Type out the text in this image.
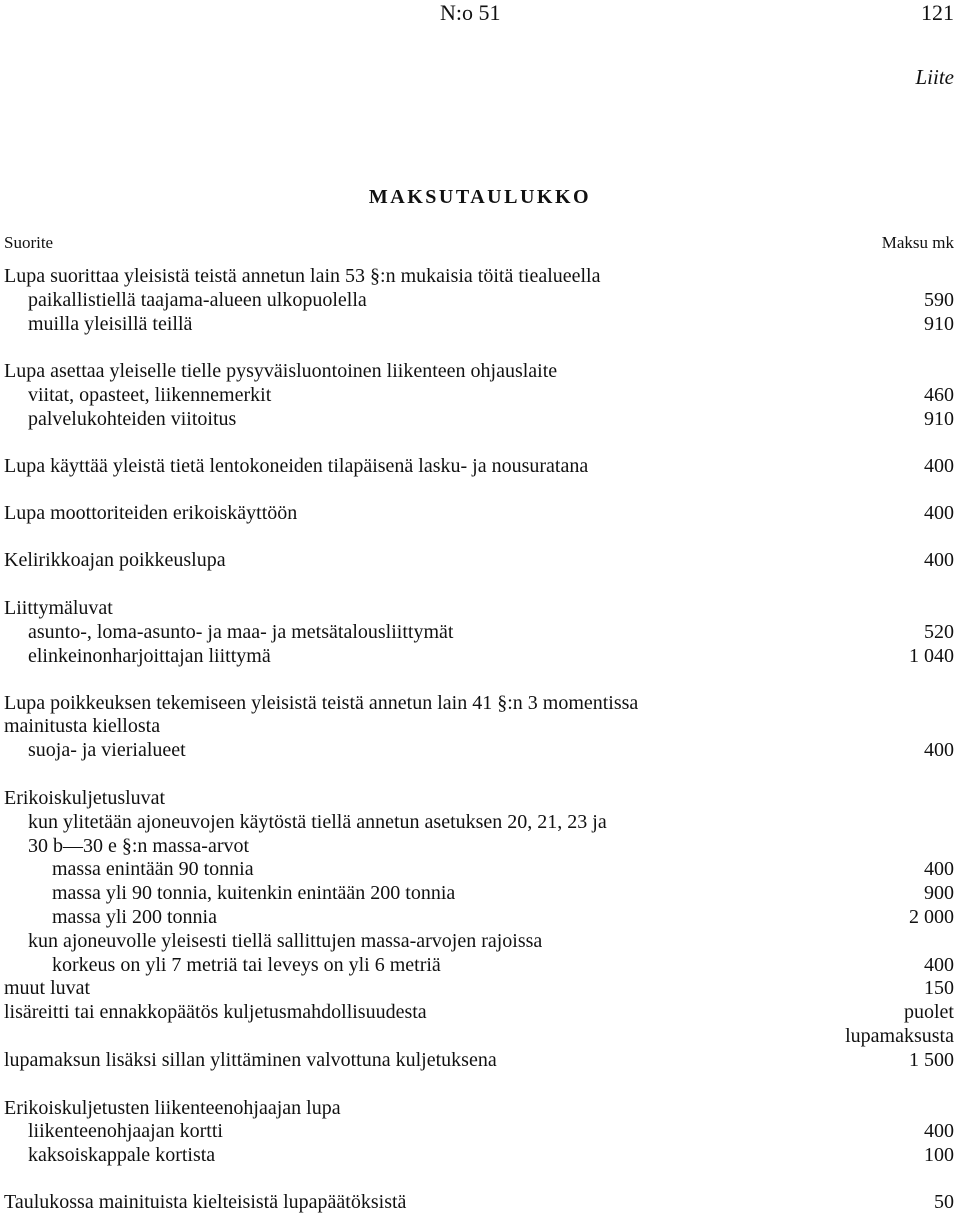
N:o 51	121
Liite
MAKSUTAULUKKO
Suorite	Maksu mk
Lupa suorittaa yleisistä teistä annetun lain 53 §:n mukaisia töitä tiealueella
paikallistiellä taajama-alueen ulkopuolella	590
muilla yleisillä teillä	910
Lupa asettaa yleiselle tielle pysyväisluontoinen liikenteen ohjauslaite
viitat, opasteet, liikennemerkit	460
palvelukohteiden viitoitus	910
Lupa käyttää yleistä tietä lentokoneiden tilapäisenä lasku- ja nousuratana	400
Lupa moottoriteiden erikoiskäyttöön	400
Kelirikkoajan poikkeuslupa	400
Liittymäluvat
asunto-, loma-asunto- ja maa- ja metsätalousliittymät	520
elinkeinonharjoittajan liittymä	1 040
Lupa poikkeuksen tekemiseen yleisistä teistä annetun lain 41 §:n 3 momentissa
mainitusta kiellosta
suoja- ja vierialueet	400
Erikoiskuljetusluvat
kun ylitetään ajoneuvojen käytöstä tiellä annetun asetuksen 20, 21, 23 ja
30 b—30 e §:n massa-arvot
massa enintään 90 tonnia	400
massa yli 90 tonnia, kuitenkin enintään 200 tonnia	900
massa yli 200 tonnia	2 000
kun ajoneuvolle yleisesti tiellä sallittujen massa-arvojen rajoissa
korkeus on yli 7 metriä tai leveys on yli 6 metriä	400
muut luvat	150
lisäreitti tai ennakkopäätös kuljetusmahdollisuudesta	puolet
lupamaksusta
lupamaksun lisäksi sillan ylittäminen valvottuna kuljetuksena	1 500
Erikoiskuljetusten liikenteenohjaajan lupa
liikenteenohjaajan kortti	400
kaksoiskappale kortista	100
Taulukossa mainituista kielteisistä lupapäätöksistä	50
